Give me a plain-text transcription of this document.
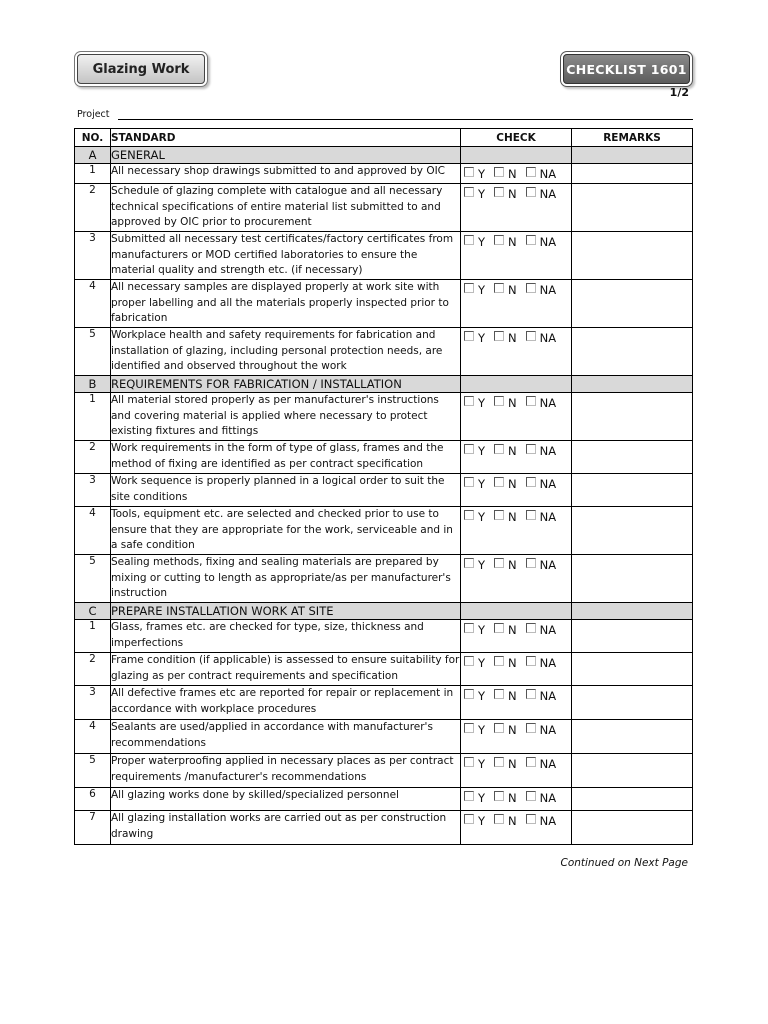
Glazing Work	CHECKLIST 1601
1/2
Project
NO.	STANDARD	CHECK	REMARKS
A	GENERAL		
1	All necessary shop drawings submitted to and approved by OIC	Y N NA	

2	Schedule of glazing complete with catalogue and all necessary technical specifications of entire material list submitted to and approved by OIC prior to procurement	Y N NA	

3	Submitted all necessary test certificates/factory certificates from manufacturers or MOD certified laboratories to ensure the material quality and strength etc. (if necessary)	Y N NA	

4	All necessary samples are displayed properly at work site with proper labelling and all the materials properly inspected prior to fabrication	Y N NA	

5	Workplace health and safety requirements for fabrication and installation of glazing, including personal protection needs, are identified and observed throughout the work	Y N NA	

B	REQUIREMENTS FOR FABRICATION / INSTALLATION		
1	All material stored properly as per manufacturer's instructions and covering material is applied where necessary to protect existing fixtures and fittings	Y N NA	

2	Work requirements in the form of type of glass, frames and the method of fixing are identified as per contract specification	Y N NA	

3	Work sequence is properly planned in a logical order to suit the site conditions	Y N NA	

4	Tools, equipment etc. are selected and checked prior to use to ensure that they are appropriate for the work, serviceable and in a safe condition	Y N NA	

5	Sealing methods, fixing and sealing materials are prepared by mixing or cutting to length as appropriate/as per manufacturer's instruction	Y N NA	

C	PREPARE INSTALLATION WORK AT SITE		
1	Glass, frames etc. are checked for type, size, thickness and imperfections	Y N NA	

2	Frame condition (if applicable) is assessed to ensure suitability for glazing as per contract requirements and specification	Y N NA	

3	All defective frames etc are reported for repair or replacement in accordance with workplace procedures	Y N NA	

4	Sealants are used/applied in accordance with manufacturer's recommendations	Y N NA	

5	Proper waterproofing applied in necessary places as per contract requirements /manufacturer's recommendations	Y N NA	

6	All glazing works done by skilled/specialized personnel	Y N NA	

7	All glazing installation works are carried out as per construction drawing	Y N NA	

Continued on Next Page
